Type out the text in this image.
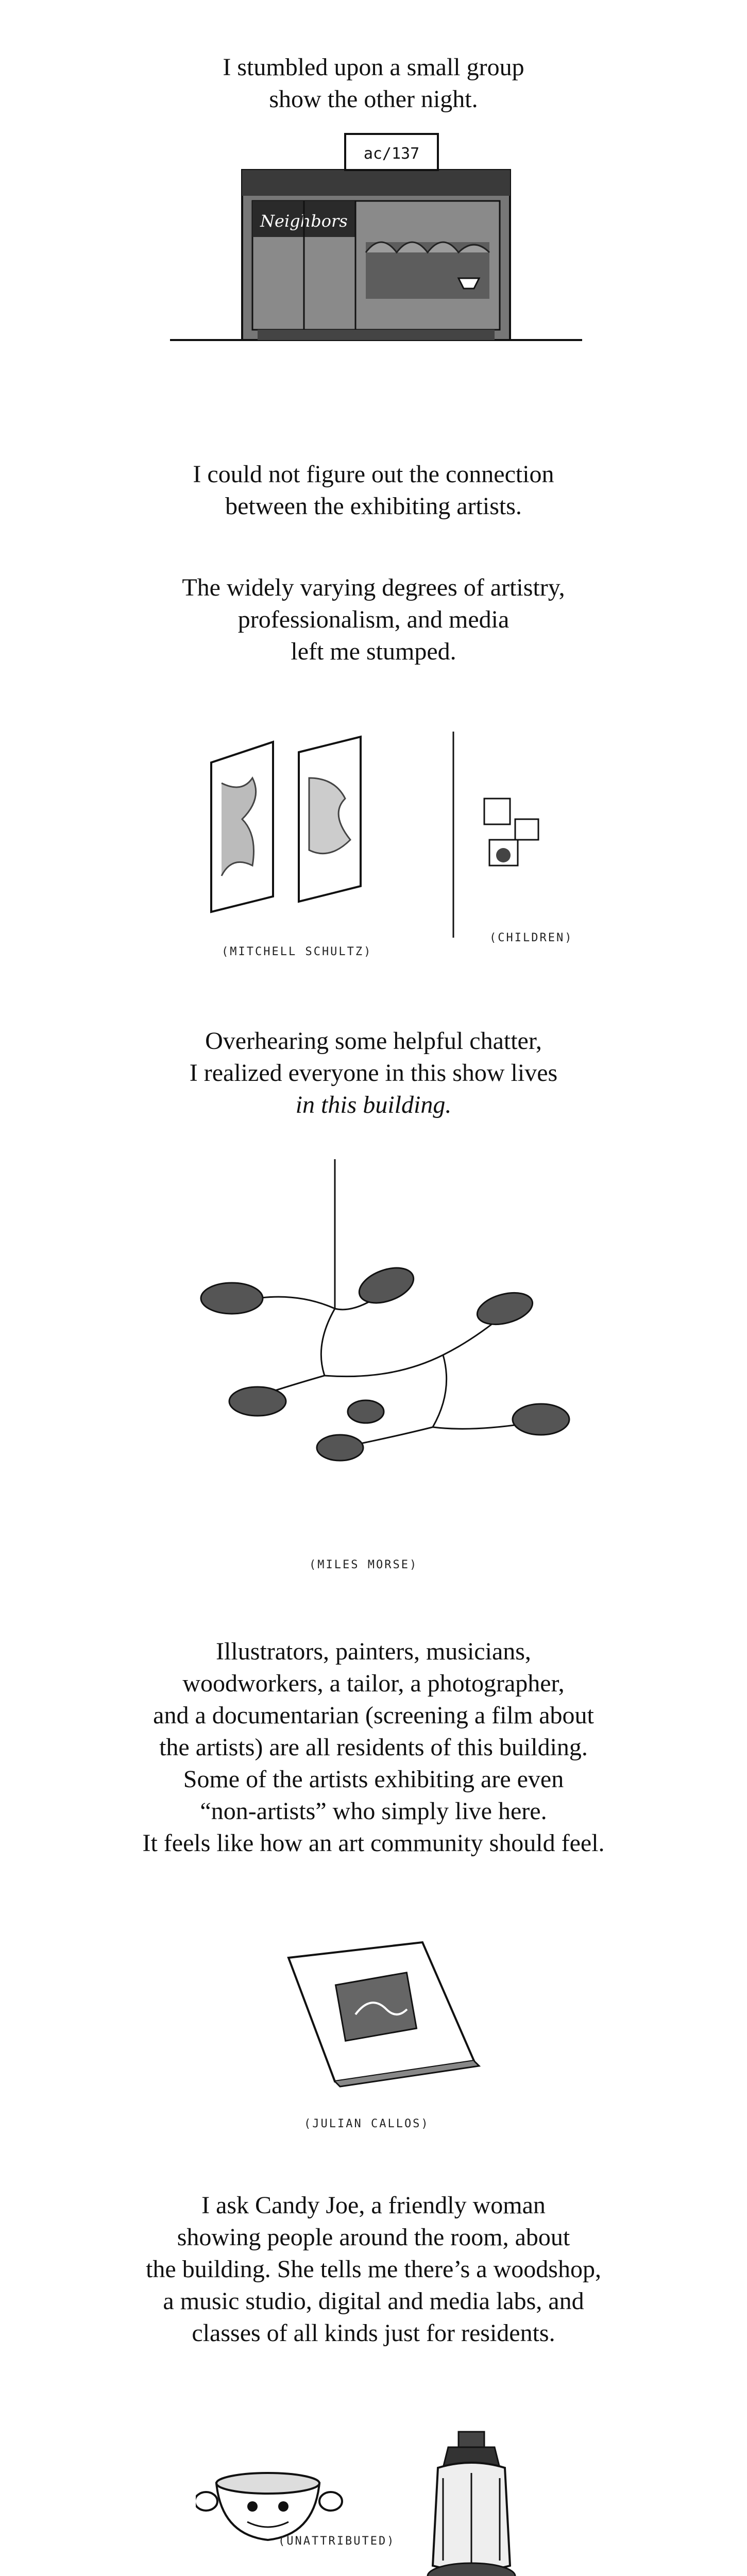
I stumbled upon a small group
show the other night.
ac/137
Neighbors
I could not figure out the connection
between the exhibiting artists.
The widely varying degrees of artistry,
professionalism, and media
left me stumped.
(MITCHELL SCHULTZ)
(CHILDREN)
Overhearing some helpful chatter,
I realized everyone in this show lives
in this building.
(MILES MORSE)
Illustrators, painters, musicians,
woodworkers, a tailor, a photographer,
and a documentarian (screening a film about
the artists) are all residents of this building.
Some of the artists exhibiting are even
“non-artists” who simply live here.
It feels like how an art community should feel.
(JULIAN CALLOS)
I ask Candy Joe, a friendly woman
showing people around the room, about
the building. She tells me there’s a woodshop,
a music studio, digital and media labs, and
classes of all kinds just for residents.
(UNATTRIBUTED)
